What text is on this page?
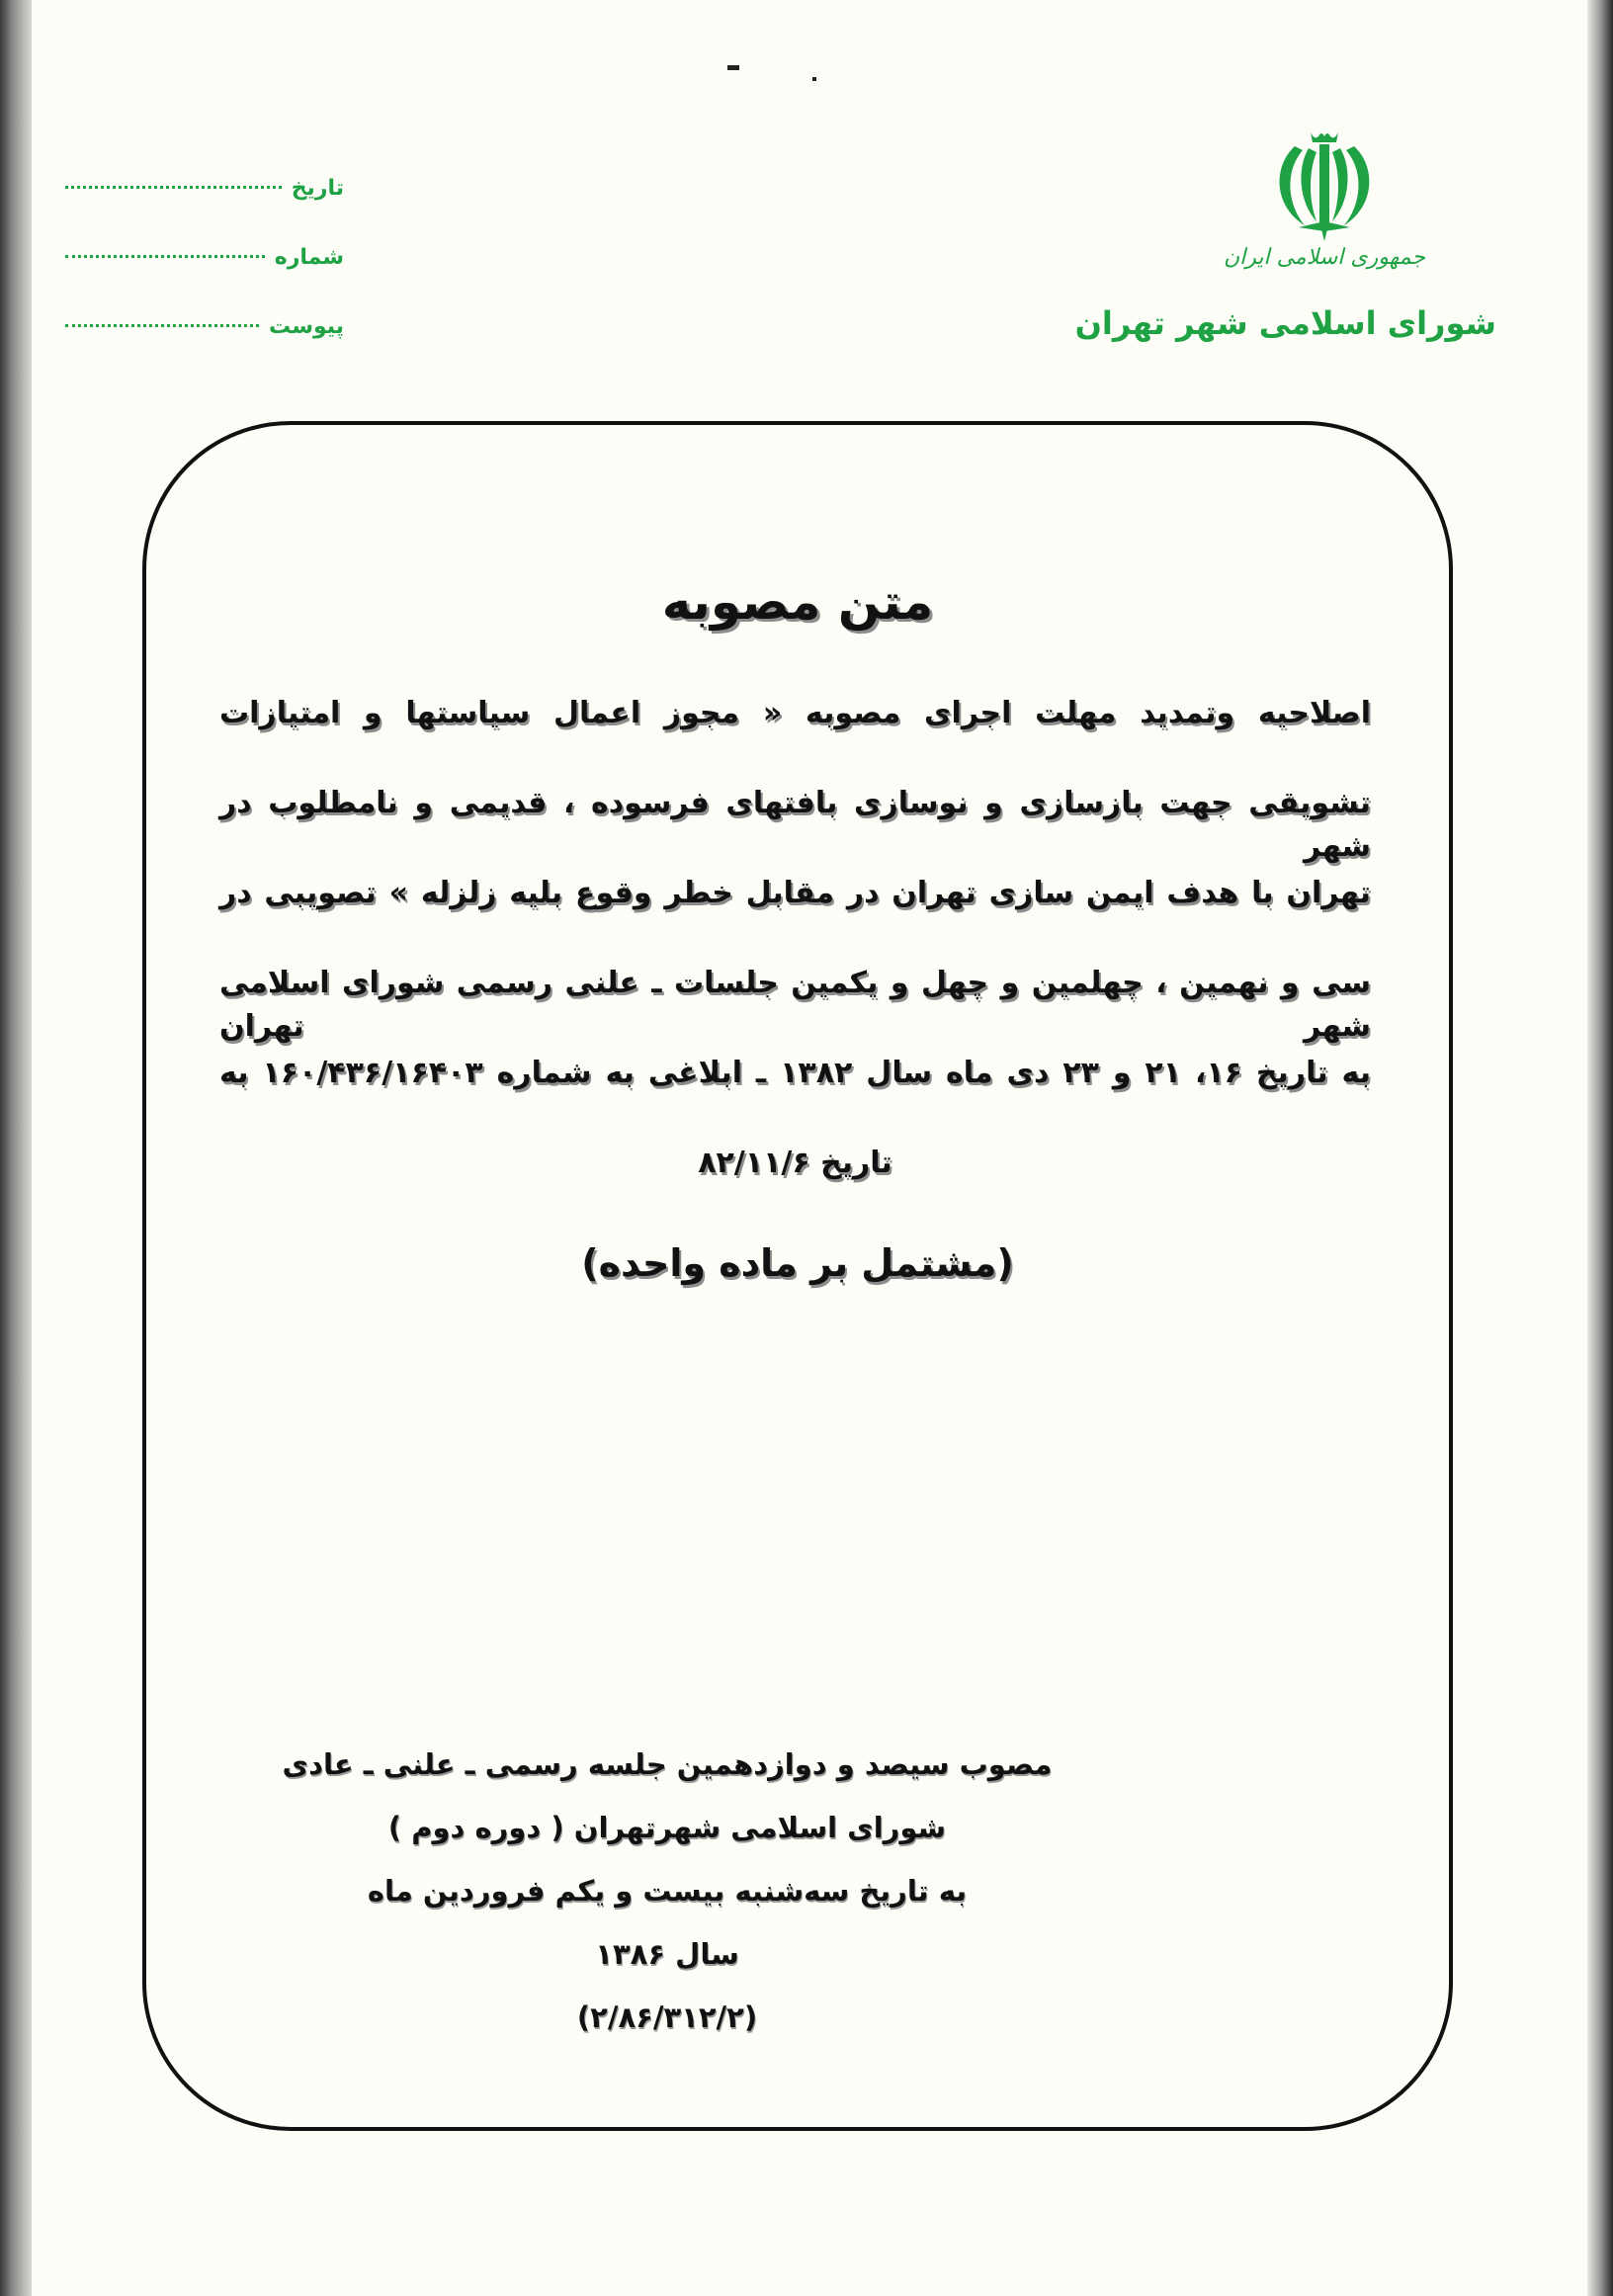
تاریخ
شماره
پیوست
جمهوری اسلامی ایران
شورای اسلامی شهر تهران
متن مصوبه
اصلاحیه وتمدید مهلت اجرای مصوبه « مجوز اعمال سیاستها و امتیازات
تشویقی جهت بازسازی و نوسازی بافتهای فرسوده ، قدیمی و نامطلوب در شهر
تهران با هدف ایمن سازی تهران در مقابل خطر وقوع بلیه زلزله » تصویبی در
سی و نهمین ، چهلمین و چهل و یکمین جلسات ـ علنی رسمی شورای اسلامی شهر تهران
به تاریخ ۱۶، ۲۱ و ۲۳ دی ماه سال ۱۳۸۲ ـ ابلاغی به شماره ۱۶۰/۴۳۶/۱۶۴۰۳ به
تاریخ ۸۲/۱۱/۶
(مشتمل بر ماده واحده)
مصوب سیصد و دوازدهمین جلسه رسمی ـ علنی ـ عادی
شورای اسلامی شهرتهران ( دوره دوم )
به تاریخ سه‌شنبه بیست و یکم فروردین ماه
سال ۱۳۸۶
(۲/۸۶/۳۱۲/۲)
